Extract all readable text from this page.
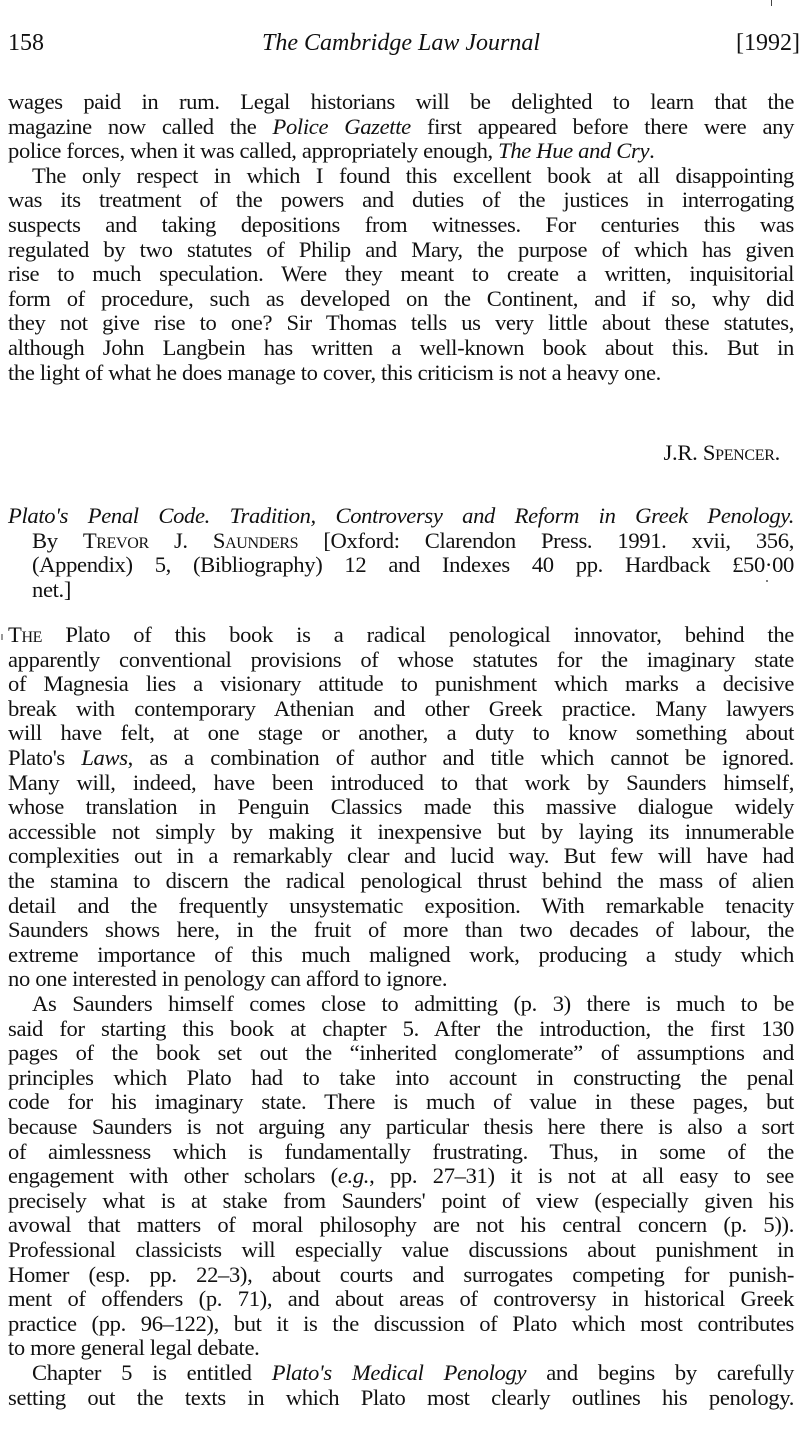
158	The Cambridge Law Journal	[1992]
wages paid in rum. Legal historians will be delighted to learn that the
magazine now called the Police Gazette first appeared before there were any
police forces, when it was called, appropriately enough, The Hue and Cry.
The only respect in which I found this excellent book at all disappointing
was its treatment of the powers and duties of the justices in interrogating
suspects and taking depositions from witnesses. For centuries this was
regulated by two statutes of Philip and Mary, the purpose of which has given
rise to much speculation. Were they meant to create a written, inquisitorial
form of procedure, such as developed on the Continent, and if so, why did
they not give rise to one? Sir Thomas tells us very little about these statutes,
although John Langbein has written a well-known book about this. But in
the light of what he does manage to cover, this criticism is not a heavy one.
J.R. Spencer.
Plato's Penal Code. Tradition, Controversy and Reform in Greek Penology.
By Trevor J. Saunders [Oxford: Clarendon Press. 1991. xvii, 356,
(Appendix) 5, (Bibliography) 12 and Indexes 40 pp. Hardback £50·00
net.]
The Plato of this book is a radical penological innovator, behind the
apparently conventional provisions of whose statutes for the imaginary state
of Magnesia lies a visionary attitude to punishment which marks a decisive
break with contemporary Athenian and other Greek practice. Many lawyers
will have felt, at one stage or another, a duty to know something about
Plato's Laws, as a combination of author and title which cannot be ignored.
Many will, indeed, have been introduced to that work by Saunders himself,
whose translation in Penguin Classics made this massive dialogue widely
accessible not simply by making it inexpensive but by laying its innumerable
complexities out in a remarkably clear and lucid way. But few will have had
the stamina to discern the radical penological thrust behind the mass of alien
detail and the frequently unsystematic exposition. With remarkable tenacity
Saunders shows here, in the fruit of more than two decades of labour, the
extreme importance of this much maligned work, producing a study which
no one interested in penology can afford to ignore.
As Saunders himself comes close to admitting (p. 3) there is much to be
said for starting this book at chapter 5. After the introduction, the first 130
pages of the book set out the “inherited conglomerate” of assumptions and
principles which Plato had to take into account in constructing the penal
code for his imaginary state. There is much of value in these pages, but
because Saunders is not arguing any particular thesis here there is also a sort
of aimlessness which is fundamentally frustrating. Thus, in some of the
engagement with other scholars (e.g., pp. 27–31) it is not at all easy to see
precisely what is at stake from Saunders' point of view (especially given his
avowal that matters of moral philosophy are not his central concern (p. 5)).
Professional classicists will especially value discussions about punishment in
Homer (esp. pp. 22–3), about courts and surrogates competing for punish-
ment of offenders (p. 71), and about areas of controversy in historical Greek
practice (pp. 96–122), but it is the discussion of Plato which most contributes
to more general legal debate.
Chapter 5 is entitled Plato's Medical Penology and begins by carefully
setting out the texts in which Plato most clearly outlines his penology.
